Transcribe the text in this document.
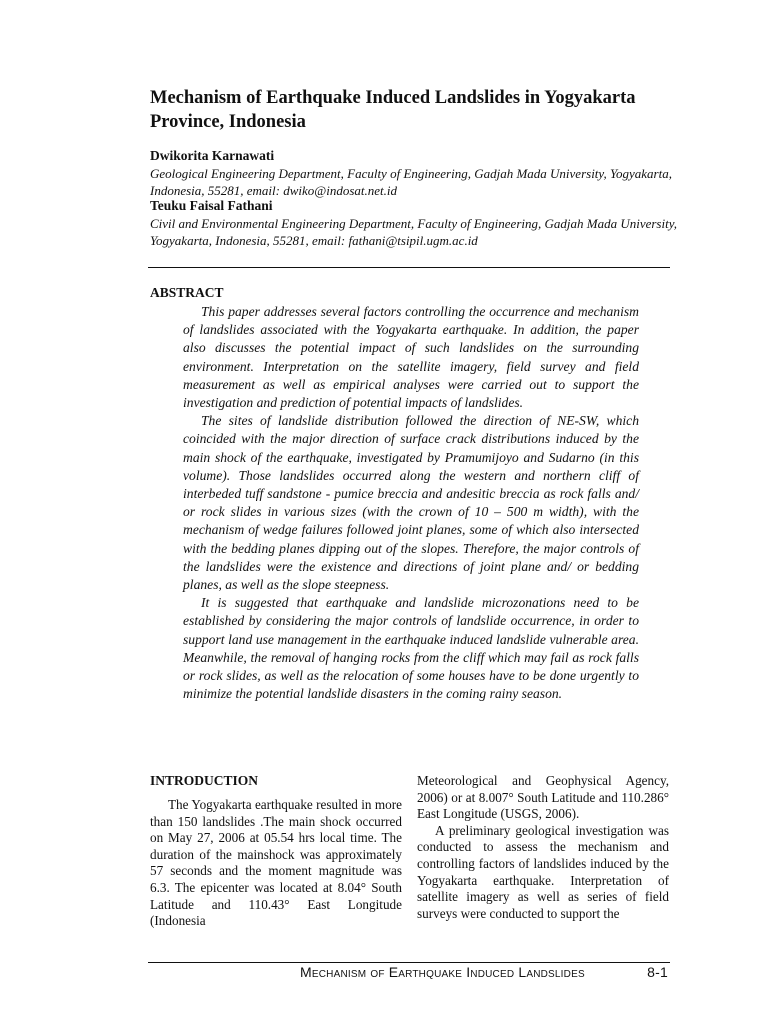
Mechanism of Earthquake Induced Landslides in Yogyakarta Province, Indonesia
Dwikorita Karnawati
Geological Engineering Department, Faculty of Engineering, Gadjah Mada University, Yogyakarta, Indonesia, 55281, email: dwiko@indosat.net.id
Teuku Faisal Fathani
Civil and Environmental Engineering Department, Faculty of Engineering, Gadjah Mada University, Yogyakarta, Indonesia, 55281, email: fathani@tsipil.ugm.ac.id
ABSTRACT

This paper addresses several factors controlling the occurrence and mechanism of landslides associated with the Yogyakarta earthquake. In addition, the paper also discusses the potential impact of such landslides on the surrounding environment. Interpretation on the satellite imagery, field survey and field measurement as well as empirical analyses were carried out to support the investigation and prediction of potential impacts of landslides.

The sites of landslide distribution followed the direction of NE-SW, which coincided with the major direction of surface crack distributions induced by the main shock of the earthquake, investigated by Pramumijoyo and Sudarno (in this volume). Those landslides occurred along the western and northern cliff of interbeded tuff sandstone - pumice breccia and andesitic breccia as rock falls and/ or rock slides in various sizes (with the crown of 10 – 500 m width), with the mechanism of wedge failures followed joint planes, some of which also intersected with the bedding planes dipping out of the slopes. Therefore, the major controls of the landslides were the existence and directions of joint plane and/ or bedding planes, as well as the slope steepness.

It is suggested that earthquake and landslide microzonations need to be established by considering the major controls of landslide occurrence, in order to support land use management in the earthquake induced landslide vulnerable area. Meanwhile, the removal of hanging rocks from the cliff which may fail as rock falls or rock slides, as well as the relocation of some houses have to be done urgently to minimize the potential landslide disasters in the coming rainy season.

INTRODUCTION

The Yogyakarta earthquake resulted in more than 150 landslides .The main shock occurred on May 27, 2006 at 05.54 hrs local time. The duration of the mainshock was approximately 57 seconds and the moment magnitude was 6.3. The epicenter was located at 8.04° South Latitude and 110.43° East Longitude (Indonesia

Meteorological and Geophysical Agency, 2006) or at 8.007° South Latitude and 110.286° East Longitude (USGS, 2006).

A preliminary geological investigation was conducted to assess the mechanism and controlling factors of landslides induced by the Yogyakarta earthquake. Interpretation of satellite imagery as well as series of field surveys were conducted to support the

Mechanism of Earthquake Induced Landslides	8-1
